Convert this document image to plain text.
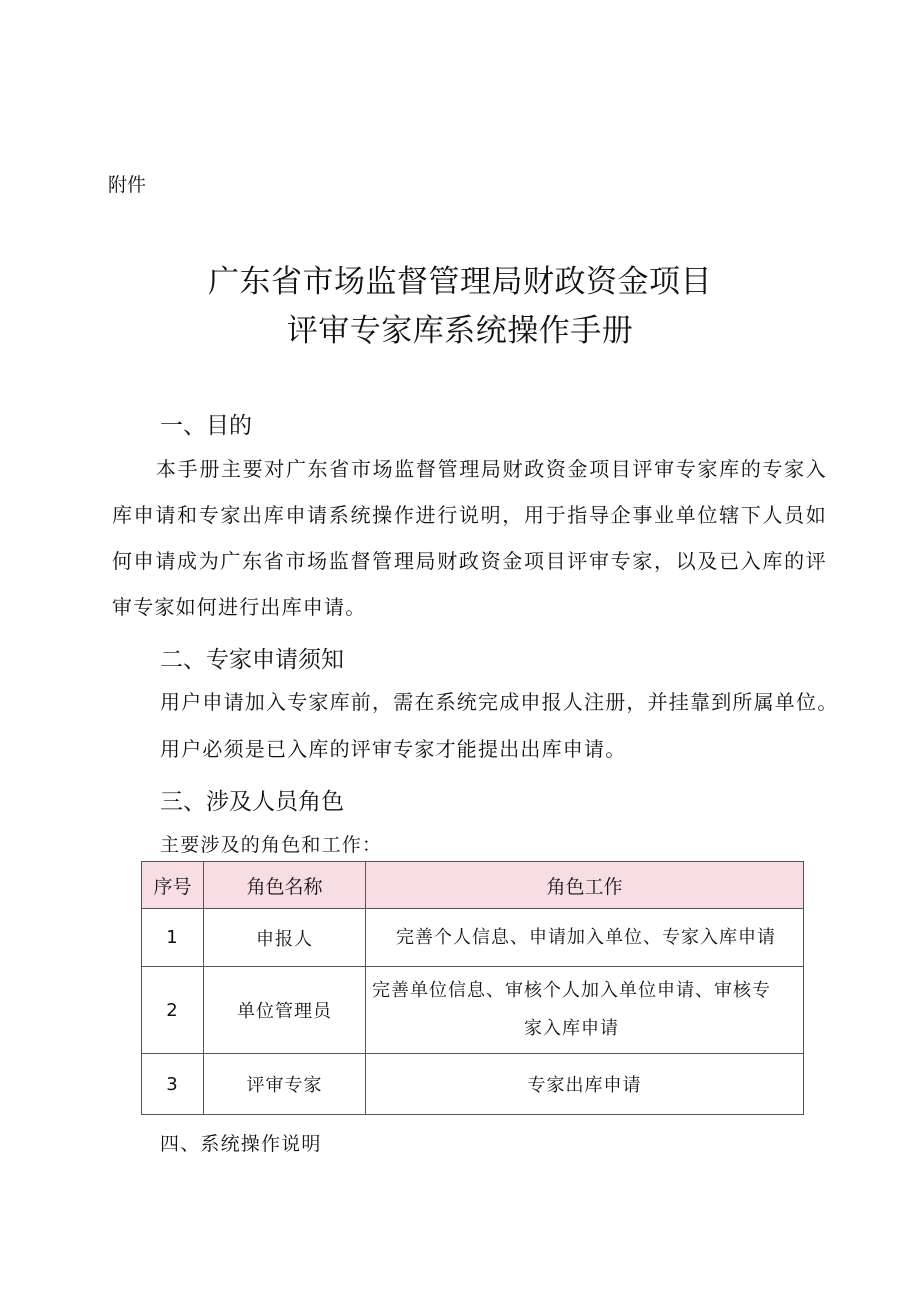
附件
广东省市场监督管理局财政资金项目
评审专家库系统操作手册
一、目的
本手册主要对广东省市场监督管理局财政资金项目评审专家库的专家入库申请和专家出库申请系统操作进行说明，用于指导企事业单位辖下人员如何申请成为广东省市场监督管理局财政资金项目评审专家，以及已入库的评审专家如何进行出库申请。
二、专家申请须知
用户申请加入专家库前，需在系统完成申报人注册，并挂靠到所属单位。
用户必须是已入库的评审专家才能提出出库申请。
三、涉及人员角色
主要涉及的角色和工作：
序号	角色名称	角色工作
1	申报人	完善个人信息、申请加入单位、专家入库申请
2	单位管理员	完善单位信息、审核个人加入单位申请、审核专家入库申请
3	评审专家	专家出库申请
四、系统操作说明
